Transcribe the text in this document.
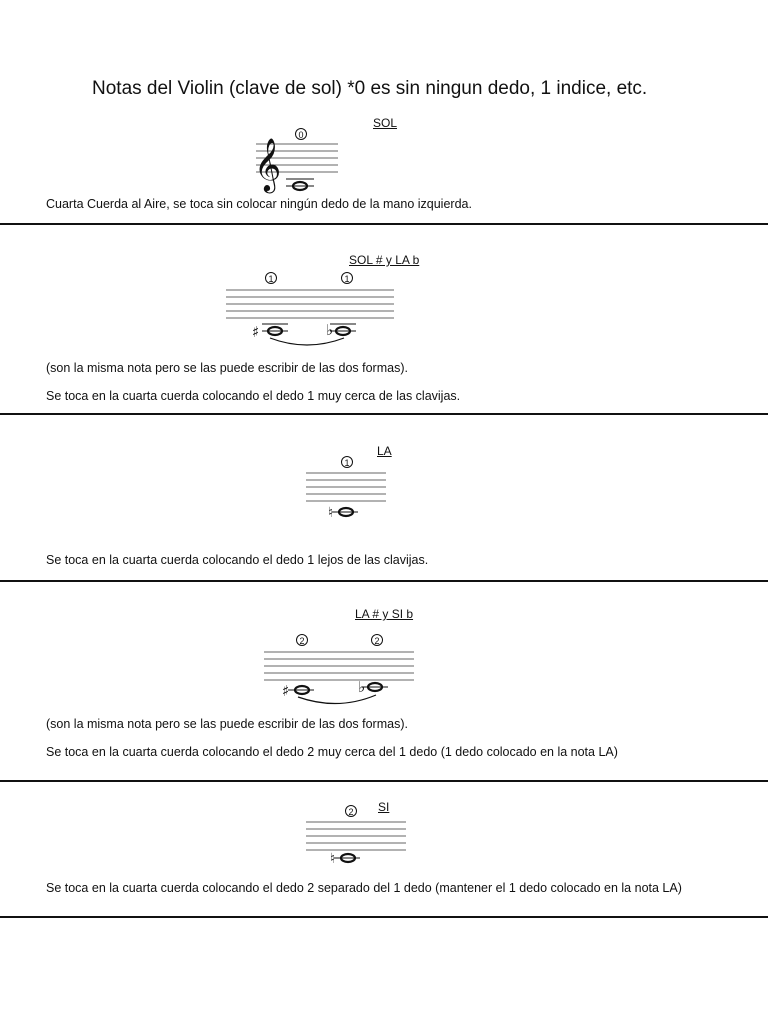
Notas del Violin (clave de sol) *0 es sin ningun dedo, 1 indice, etc.
SOL
𝄞
0
Cuarta Cuerda al Aire, se toca sin colocar ningún dedo de la mano izquierda.
SOL # y LA b
1	1
♯	♭
(son la misma nota pero se las puede escribir de las dos formas).
Se toca en la cuarta cuerda colocando el dedo 1 muy cerca de las clavijas.
LA
1
♮
Se toca en la cuarta cuerda colocando el dedo 1 lejos de las clavijas.
LA # y SI b
2	2
♯	♭
(son la misma nota pero se las puede escribir de las dos formas).
Se toca en la cuarta cuerda colocando el dedo 2 muy cerca del 1 dedo (1 dedo colocado en la nota LA)
SI
2
♮
Se toca en la cuarta cuerda colocando el dedo 2 separado del 1 dedo (mantener el 1 dedo colocado en la nota LA)
